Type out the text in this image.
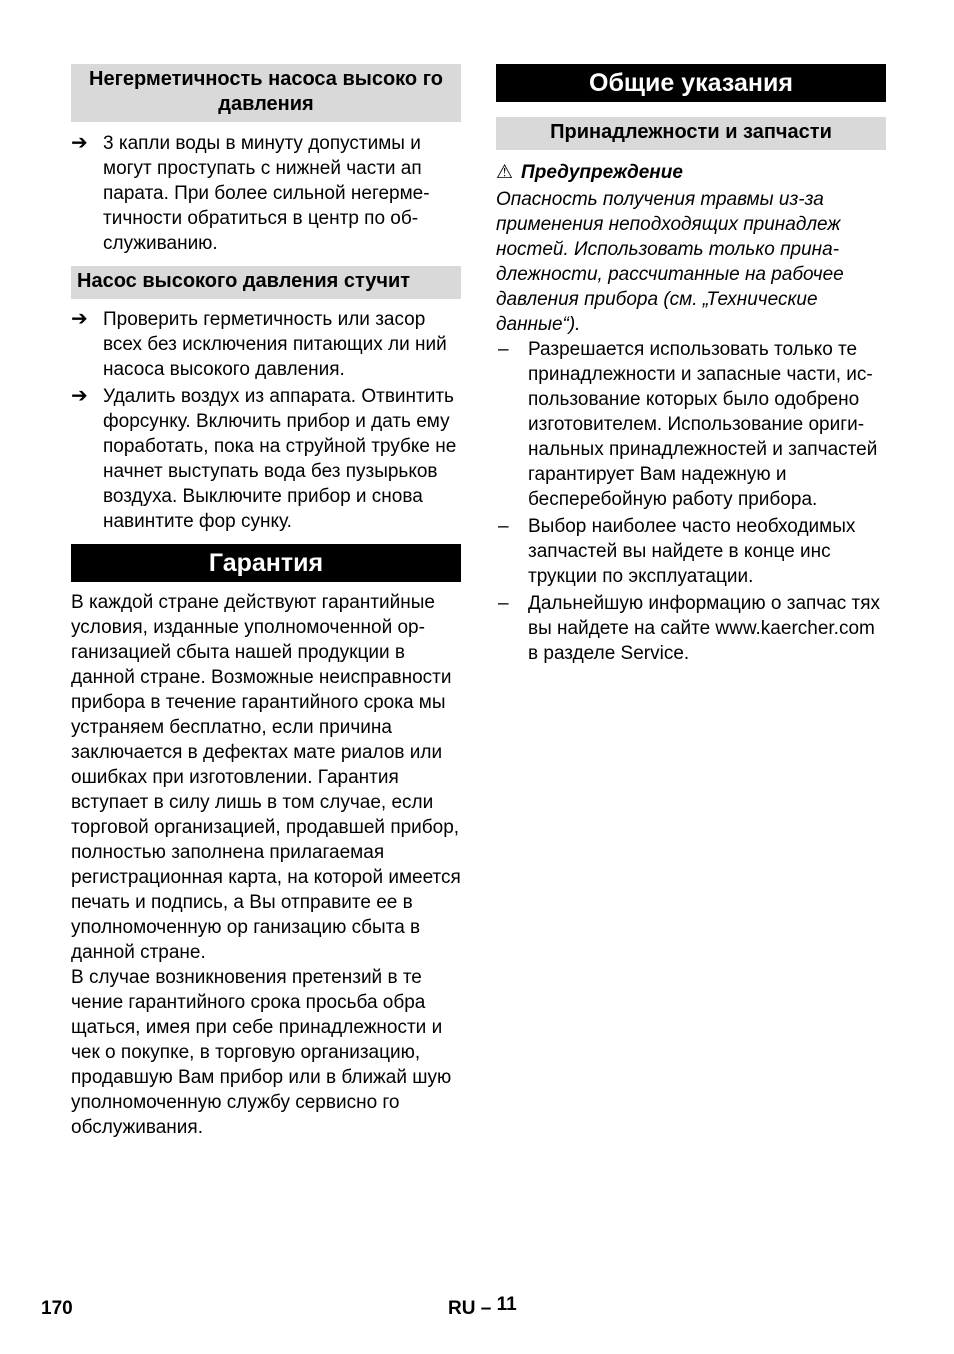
Негерметичность насоса высоко го давления
➔ 3 капли воды в минуту допустимы и могут проступать с нижней части ап парата. При более сильной негерметичности обратиться в центр по обслуживанию.
Насос высокого давления стучит
➔ Проверить герметичность или засор всех без исключения питающих ли ний насоса высокого давления.
➔ Удалить воздух из аппарата. Отвинтить форсунку. Включить прибор и дать ему поработать, пока на струйной трубке не начнет выступать вода без пузырьков воздуха. Выключите прибор и снова навинтите фор сунку.
Гарантия
В каждой стране действуют гарантийные условия, изданные уполномоченной организацией сбыта нашей продукции в данной стране. Возможные неисправности прибора в течение гарантийного срока мы устраняем бесплатно, если причина заключается в дефектах мате риалов или ошибках при изготовлении. Гарантия вступает в силу лишь в том случае, если торговой организацией, продавшей прибор, полностью заполнена прилагаемая регистрационная карта, на которой имеется печать и подпись, а Вы отправите ее в уполномоченную ор ганизацию сбыта в данной стране.
В случае возникновения претензий в те чение гарантийного срока просьба обра щаться, имея при себе принадлежности и чек о покупке, в торговую организацию, продавшую Вам прибор или в ближай шую уполномоченную службу сервисно го обслуживания.
Общие указания
Принадлежности и запчасти
⚠ Предупреждение
Опасность получения травмы из-за применения неподходящих принадлеж ностей. Использовать только принадлежности, рассчитанные на рабочее давления прибора (см. „Технические данные“).
– Разрешается использовать только те принадлежности и запасные части, использование которых было одобрено изготовителем. Использование оригинальных принадлежностей и запчастей гарантирует Вам надежную и бесперебойную работу прибора.
– Выбор наиболее часто необходимых запчастей вы найдете в конце инс трукции по эксплуатации.
– Дальнейшую информацию о запчас тях вы найдете на сайте www.kaercher.com в разделе Service.
170	RU – 11
